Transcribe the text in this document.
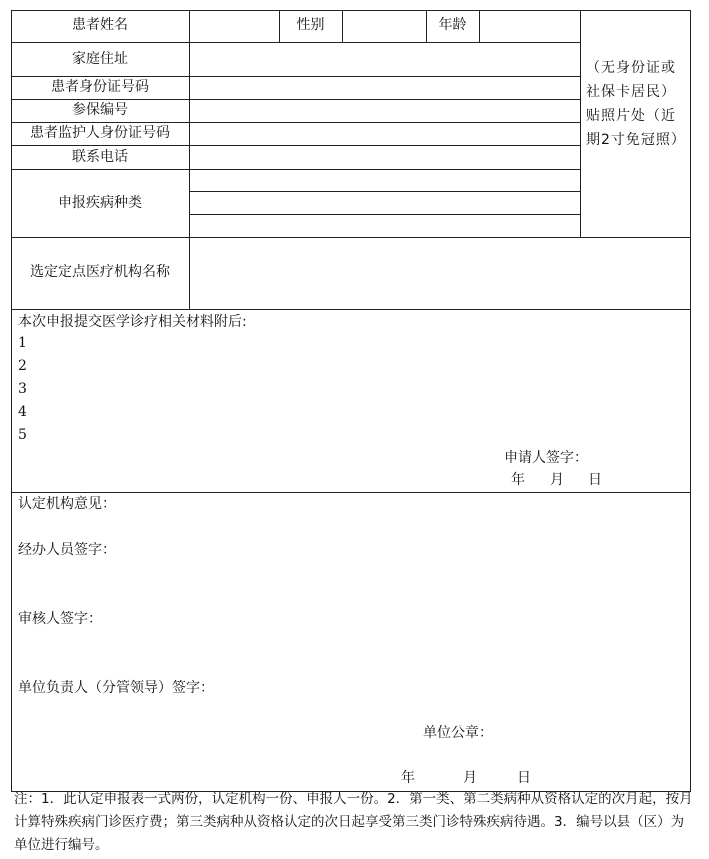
患者姓名	性别	年龄
家庭住址
患者身份证号码
参保编号
患者监护人身份证号码
联系电话
申报疾病种类
（无身份证或社保卡居民）贴照片处（近期2寸免冠照）
选定定点医疗机构名称
本次申报提交医学诊疗相关材料附后:
1
2
3
4
5
申请人签字：
年 月 日
认定机构意见：
经办人员签字：
审核人签字：
单位负责人（分管领导）签字：
单位公章：
年	月	日
注：1．此认定申报表一式两份，认定机构一份、申报人一份。2．第一类、第二类病种从资格认定的次月起，按月计算特殊疾病门诊医疗费；第三类病种从资格认定的次日起享受第三类门诊特殊疾病待遇。3．编号以县（区）为单位进行编号。
